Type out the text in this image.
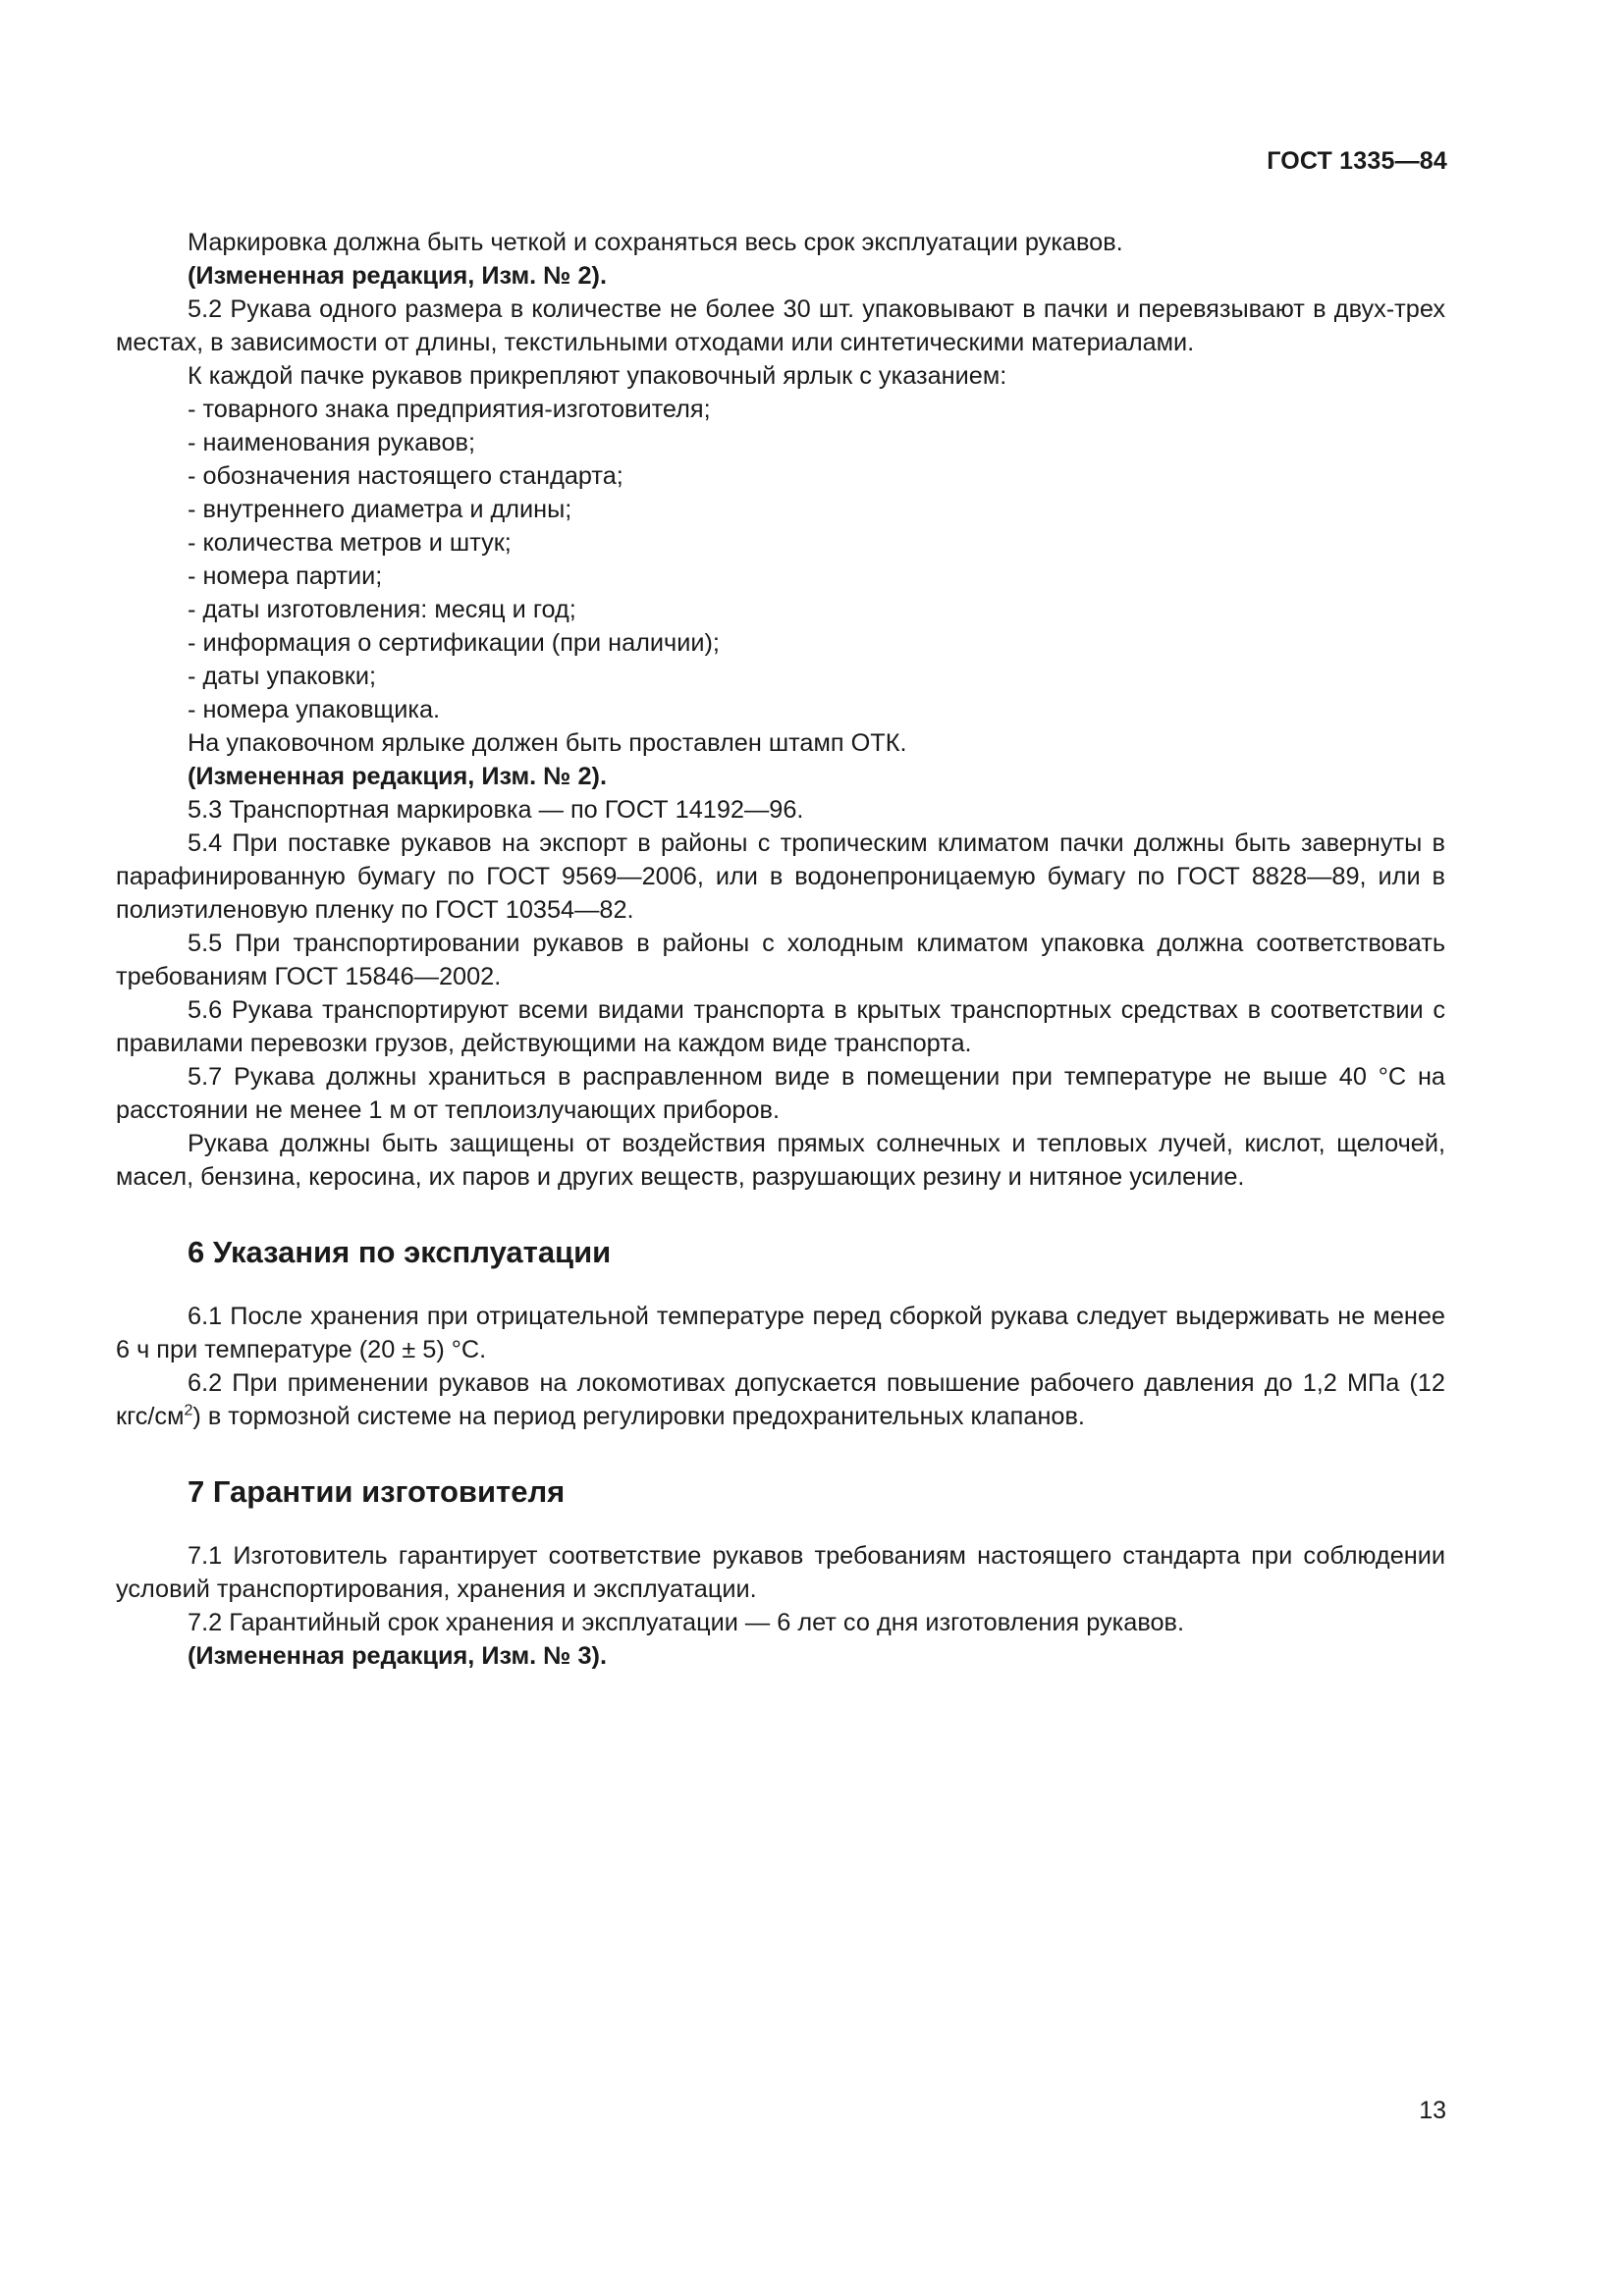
ГОСТ 1335—84

Маркировка должна быть четкой и сохраняться весь срок эксплуатации рукавов.

(Измененная редакция, Изм. № 2).

5.2 Рукава одного размера в количестве не более 30 шт. упаковывают в пачки и перевязывают в двух-трех местах, в зависимости от длины, текстильными отходами или синтетическими материалами.

К каждой пачке рукавов прикрепляют упаковочный ярлык с указанием:

- товарного знака предприятия-изготовителя;
- наименования рукавов;
- обозначения настоящего стандарта;
- внутреннего диаметра и длины;
- количества метров и штук;
- номера партии;
- даты изготовления: месяц и год;
- информация о сертификации (при наличии);
- даты упаковки;
- номера упаковщика.

На упаковочном ярлыке должен быть проставлен штамп ОТК.

(Измененная редакция, Изм. № 2).

5.3 Транспортная маркировка — по ГОСТ 14192—96.

5.4 При поставке рукавов на экспорт в районы с тропическим климатом пачки должны быть завернуты в парафинированную бумагу по ГОСТ 9569—2006, или в водонепроницаемую бумагу по ГОСТ 8828—89, или в полиэтиленовую пленку по ГОСТ 10354—82.

5.5 При транспортировании рукавов в районы с холодным климатом упаковка должна соответствовать требованиям ГОСТ 15846—2002.

5.6 Рукава транспортируют всеми видами транспорта в крытых транспортных средствах в соответствии с правилами перевозки грузов, действующими на каждом виде транспорта.

5.7 Рукава должны храниться в расправленном виде в помещении при температуре не выше 40 °С на расстоянии не менее 1 м от теплоизлучающих приборов.

Рукава должны быть защищены от воздействия прямых солнечных и тепловых лучей, кислот, щелочей, масел, бензина, керосина, их паров и других веществ, разрушающих резину и нитяное усиление.

6 Указания по эксплуатации

6.1 После хранения при отрицательной температуре перед сборкой рукава следует выдерживать не менее 6 ч при температуре (20 ± 5) °С.

6.2 При применении рукавов на локомотивах допускается повышение рабочего давления до 1,2 МПа (12 кгс/$см^2$) в тормозной системе на период регулировки предохранительных клапанов.

7 Гарантии изготовителя

7.1 Изготовитель гарантирует соответствие рукавов требованиям настоящего стандарта при соблюдении условий транспортирования, хранения и эксплуатации.

7.2 Гарантийный срок хранения и эксплуатации — 6 лет со дня изготовления рукавов.

(Измененная редакция, Изм. № 3).

13
